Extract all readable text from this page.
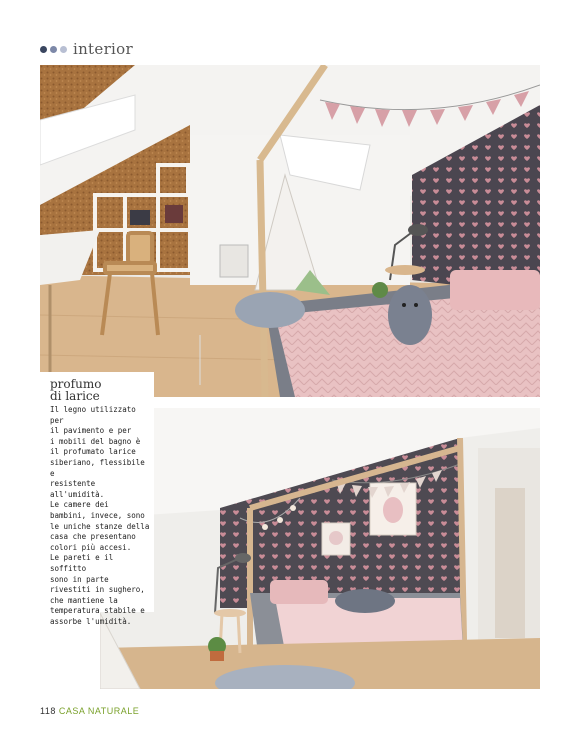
interior

profumo
di larice

Il legno utilizzato per
il pavimento e per
i mobili del bagno è
il profumato larice
siberiano, flessibile e
resistente all'umidità.
Le camere dei
bambini, invece, sono
le uniche stanze della
casa che presentano
colori più accesi.
Le pareti e il soffitto
sono in parte
rivestiti in sughero,
che mantiene la
temperatura stabile e
assorbe l'umidità.

118 CASA NATURALE
